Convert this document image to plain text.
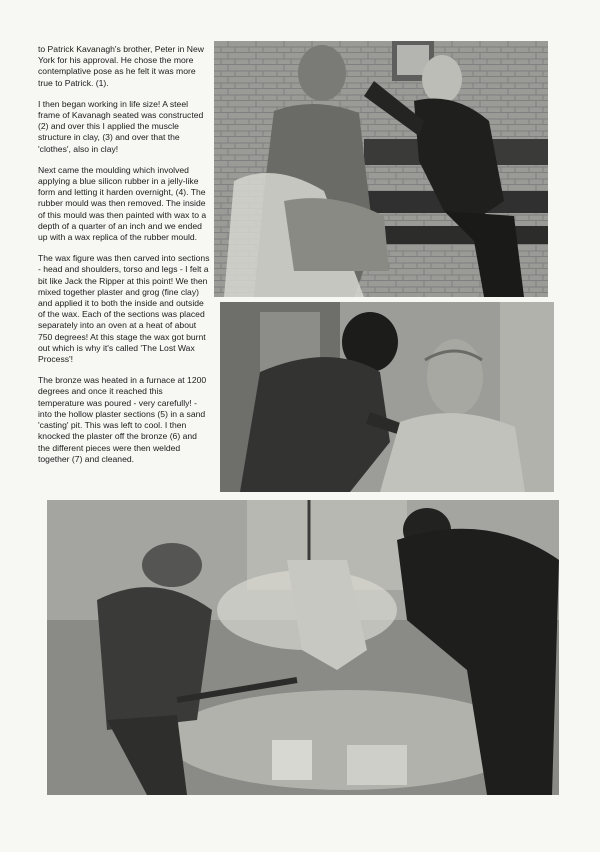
to Patrick Kavanagh's brother, Peter in New York for his approval. He chose the more contemplative pose as he felt it was more true to Patrick. (1).

I then began working in life size! A steel frame of Kavanagh seated was constructed (2) and over this I applied the muscle structure in clay, (3) and over that the 'clothes', also in clay!

Next came the moulding which involved applying a blue silicon rubber in a jelly-like form and letting it harden overnight, (4). The rubber mould was then removed. The inside of this mould was then painted with wax to a depth of a quarter of an inch and we ended up with a wax replica of the rubber mould.

The wax figure was then carved into sections - head and shoulders, torso and legs - I felt a bit like Jack the Ripper at this point! We then mixed together plaster and grog (fine clay) and applied it to both the inside and outside of the wax. Each of the sections was placed separately into an oven at a heat of about 750 degrees! At this stage the wax got burnt out which is why it's called 'The Lost Wax Process'!

The bronze was heated in a furnace at 1200 degrees and once it reached this temperature was poured - very carefully! - into the hollow plaster sections (5) in a sand 'casting' pit. This was left to cool. I then knocked the plaster off the bronze (6) and the different pieces were then welded together (7) and cleaned.
